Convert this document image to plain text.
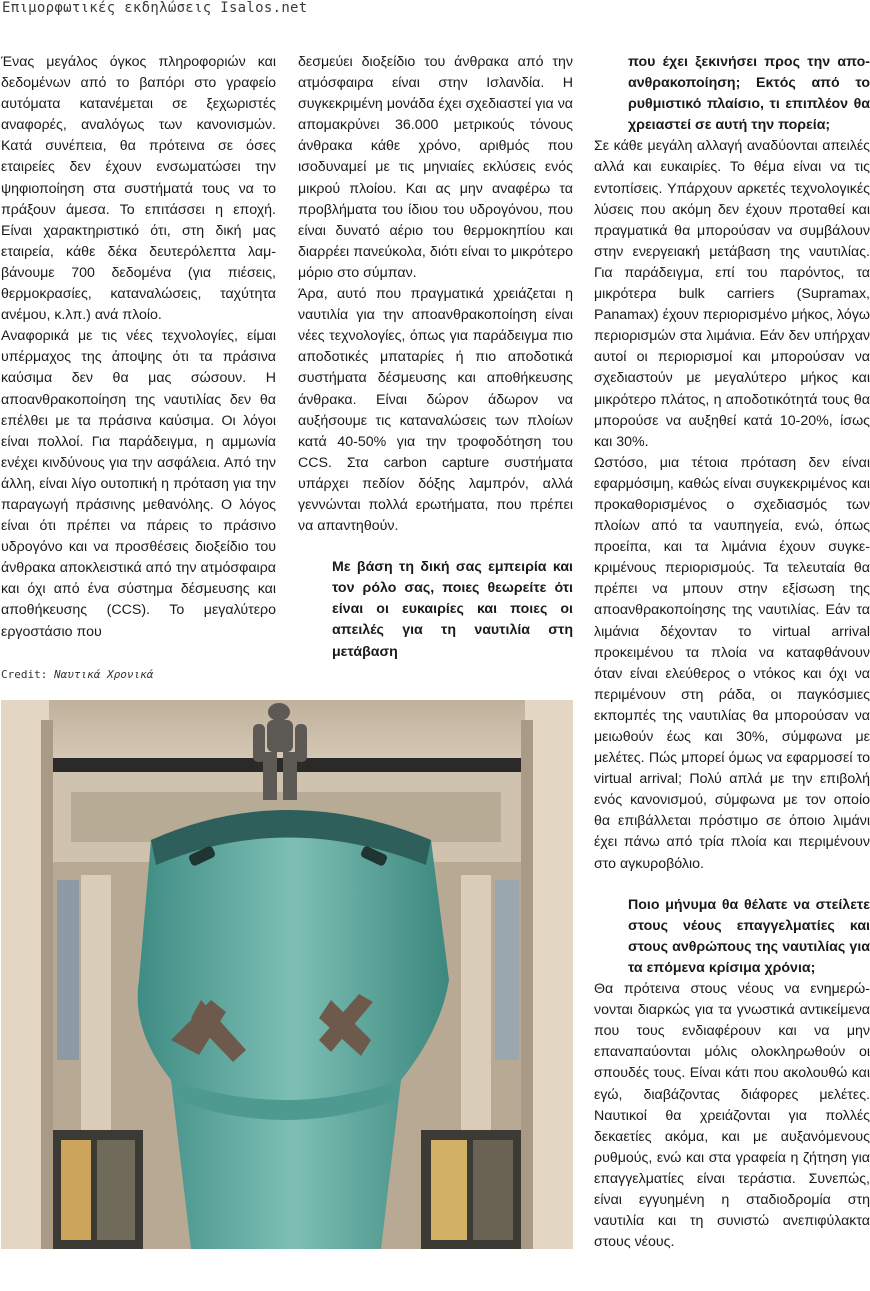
Επιμορφωτικές εκδηλώσεις Isalos.net

Ένας μεγάλος όγκος πληροφοριών και δεδομένων από το βαπόρι στο γραφείο αυτόματα κατανέμεται σε ξεχωριστές αναφορές, αναλόγως των κανονισμών. Κατά συνέπεια, θα πρότεινα σε όσες εταιρείες δεν έχουν ενσωματώσει την ψηφιοποίηση στα συστήματά τους να το πράξουν άμεσα. Το επιτάσσει η εποχή. Είναι χαρακτηριστικό ότι, στη δική μας εταιρεία, κάθε δέκα δευτερόλεπτα λαμβάνουμε 700 δεδομένα (για πιέσεις, θερμοκρασίες, καταναλώσεις, ταχύτητα ανέμου, κ.λπ.) ανά πλοίο.

Αναφορικά με τις νέες τεχνολογίες, είμαι υπέρμαχος της άποψης ότι τα πράσινα καύσιμα δεν θα μας σώσουν. Η απoανθρακοποίηση της ναυτιλίας δεν θα επέλθει με τα πράσινα καύσιμα. Οι λόγοι είναι πολλοί. Για παράδειγμα, η αμμωνία ενέχει κινδύνους για την ασφάλεια. Από την άλλη, είναι λίγο ουτοπική η πρόταση για την παραγωγή πράσινης μεθανόλης. Ο λόγος είναι ότι πρέπει να πάρεις το πράσινο υδρογόνο και να προσθέσεις διοξείδιο του άνθρακα αποκλειστικά από την ατμόσφαιρα και όχι από ένα σύστημα δέσμευσης και αποθήκευσης (CCS). Το μεγαλύτερο εργοστάσιο που

δεσμεύει διοξείδιο του άνθρακα από την ατμόσφαιρα είναι στην Ισλανδία. Η συγκεκριμένη μονάδα έχει σχεδιαστεί για να απομακρύνει 36.000 μετρικούς τόνους άνθρακα κάθε χρόνο, αριθμός που ισοδυναμεί με τις μηνιαίες εκλύσεις ενός μικρού πλοίου. Και ας μην αναφέρω τα προβλήματα του ίδιου του υδρογόνου, που είναι δυνατό αέριο του θερμοκηπίου και διαρρέει πανεύκολα, διότι είναι το μικρότερο μόριο στο σύμπαν.

Άρα, αυτό που πραγματικά χρειάζεται η ναυτιλία για την απoανθρακοποίηση είναι νέες τεχνολογίες, όπως για παράδειγμα πιο αποδοτικές μπαταρίες ή πιο αποδοτικά συστήματα δέσμευσης και αποθήκευσης άνθρακα. Είναι δώρον άδωρον να αυξήσουμε τις καταναλώσεις των πλοίων κατά 40-50% για την τροφοδότηση του CCS. Στα carbon capture συστήματα υπάρχει πεδίον δόξης λαμπρόν, αλλά γεννώνται πολλά ερωτήματα, που πρέπει να απαντηθούν.

Με βάση τη δική σας εμπειρία και τον ρόλο σας, ποιες θεωρείτε ότι είναι οι ευκαιρίες και ποιες οι απειλές για τη ναυτιλία στη μετάβαση

που έχει ξεκινήσει προς την αποανθρακοποίηση; Εκτός από το ρυθμιστικό πλαίσιο, τι επιπλέον θα χρειαστεί σε αυτή την πορεία;

Σε κάθε μεγάλη αλλαγή αναδύονται απειλές αλλά και ευκαιρίες. Το θέμα είναι να τις εντοπίσεις. Υπάρχουν αρκετές τεχνολογικές λύσεις που ακόμη δεν έχουν προταθεί και πραγματικά θα μπορούσαν να συμβάλουν στην ενεργειακή μετάβαση της ναυτιλίας. Για παράδειγμα, επί του παρόντος, τα μικρότερα bulk carriers (Supramax, Panamax) έχουν περιορισμένο μήκος, λόγω περιορισμών στα λιμάνια. Εάν δεν υπήρχαν αυτοί οι περιορισμοί και μπορούσαν να σχεδιαστούν με μεγαλύτερο μήκος και μικρότερο πλάτος, η αποδοτικότητά τους θα μπορούσε να αυξηθεί κατά 10-20%, ίσως και 30%.

Ωστόσο, μια τέτοια πρόταση δεν είναι εφαρμόσιμη, καθώς είναι συγκεκριμένος και προκαθορισμένος ο σχεδιασμός των πλοίων από τα ναυπηγεία, ενώ, όπως προείπα, και τα λιμάνια έχουν συγκεκριμένους περιορισμούς. Τα τελευταία θα πρέπει να μπουν στην εξίσωση της απoανθρακοποίησης της ναυτιλίας. Εάν τα λιμάνια δέχονταν το virtual arrival προκειμένου τα πλοία να καταφθάνουν όταν είναι ελεύθερος ο ντόκος και όχι να περιμένουν στη ράδα, οι παγκόσμιες εκπομπές της ναυτιλίας θα μπορούσαν να μειωθούν έως και 30%, σύμφωνα με μελέτες. Πώς μπορεί όμως να εφαρμοσεί το virtual arrival; Πολύ απλά με την επιβολή ενός κανονισμού, σύμφωνα με τον οποίο θα επιβάλλεται πρόστιμο σε όποιο λιμάνι έχει πάνω από τρία πλοία και περιμένουν στο αγκυροβόλιο.

Ποιο μήνυμα θα θέλατε να στείλετε στους νέους επαγγελματίες και στους ανθρώπους της ναυτιλίας για τα επόμενα κρίσιμα χρόνια;

Θα πρότεινα στους νέους να ενημερώνονται διαρκώς για τα γνωστικά αντικείμενα που τους ενδιαφέρουν και να μην επαναπαύονται μόλις ολοκληρωθούν οι σπουδές τους. Είναι κάτι που ακολουθώ και εγώ, διαβάζοντας διάφορες μελέτες. Ναυτικοί θα χρειάζονται για πολλές δεκαετίες ακόμα, και με αυξανόμενους ρυθμούς, ενώ και στα γραφεία η ζήτηση για επαγγελματίες είναι τεράστια. Συνεπώς, είναι εγγυημένη η σταδιοδρομία στη ναυτιλία και τη συνιστώ ανεπιφύλακτα στους νέους.

Credit: Ναυτικά Χρονικά
